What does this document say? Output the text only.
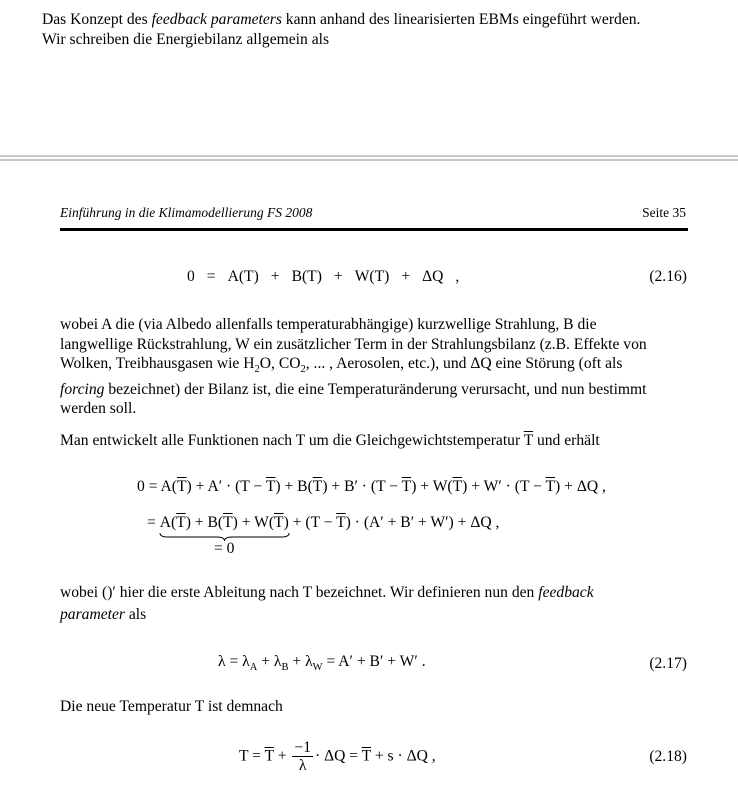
Das Konzept des feedback parameters kann anhand des linearisierten EBMs eingeführt werden.
Wir schreiben die Energiebilanz allgemein als
Einführung in die Klimamodellierung FS 2008	Seite 35
0 = A(T) + B(T) + W(T) + ΔQ ,	(2.16)
wobei A die (via Albedo allenfalls temperaturabhängige) kurzwellige Strahlung, B die
langwellige Rückstrahlung, W ein zusätzlicher Term in der Strahlungsbilanz (z.B. Effekte von
Wolken, Treibhausgasen wie $H_2O$, $CO_2$, ... , Aerosolen, etc.), und ΔQ eine Störung (oft als
forcing bezeichnet) der Bilanz ist, die eine Temperaturänderung verursacht, und nun bestimmt
werden soll.
Man entwickelt alle Funktionen nach T um die Gleichgewichtstemperatur $\overline{T}$ und erhält
$0 = A(\overline{T}) + A' \cdot (T - \overline{T}) + B(\overline{T}) + B' \cdot (T - \overline{T}) + W(\overline{T}) + W' \cdot (T - \overline{T}) + \Delta Q$ ,
= $A(\overline{T}) + B(\overline{T}) + W(\overline{T})$
= 0
+ $(T - \overline{T}) \cdot (A' + B' + W') + \Delta Q$ ,
wobei ()′ hier die erste Ableitung nach T bezeichnet. Wir definieren nun den feedback
parameter als
$\lambda = \lambda_A + \lambda_B + \lambda_W = A' + B' + W'$ .	(2.17)
Die neue Temperatur T ist demnach
$T = \overline{T} + \frac{-1}{\lambda} \cdot \Delta Q = \overline{T} + s \cdot \Delta Q$ ,	(2.18)
